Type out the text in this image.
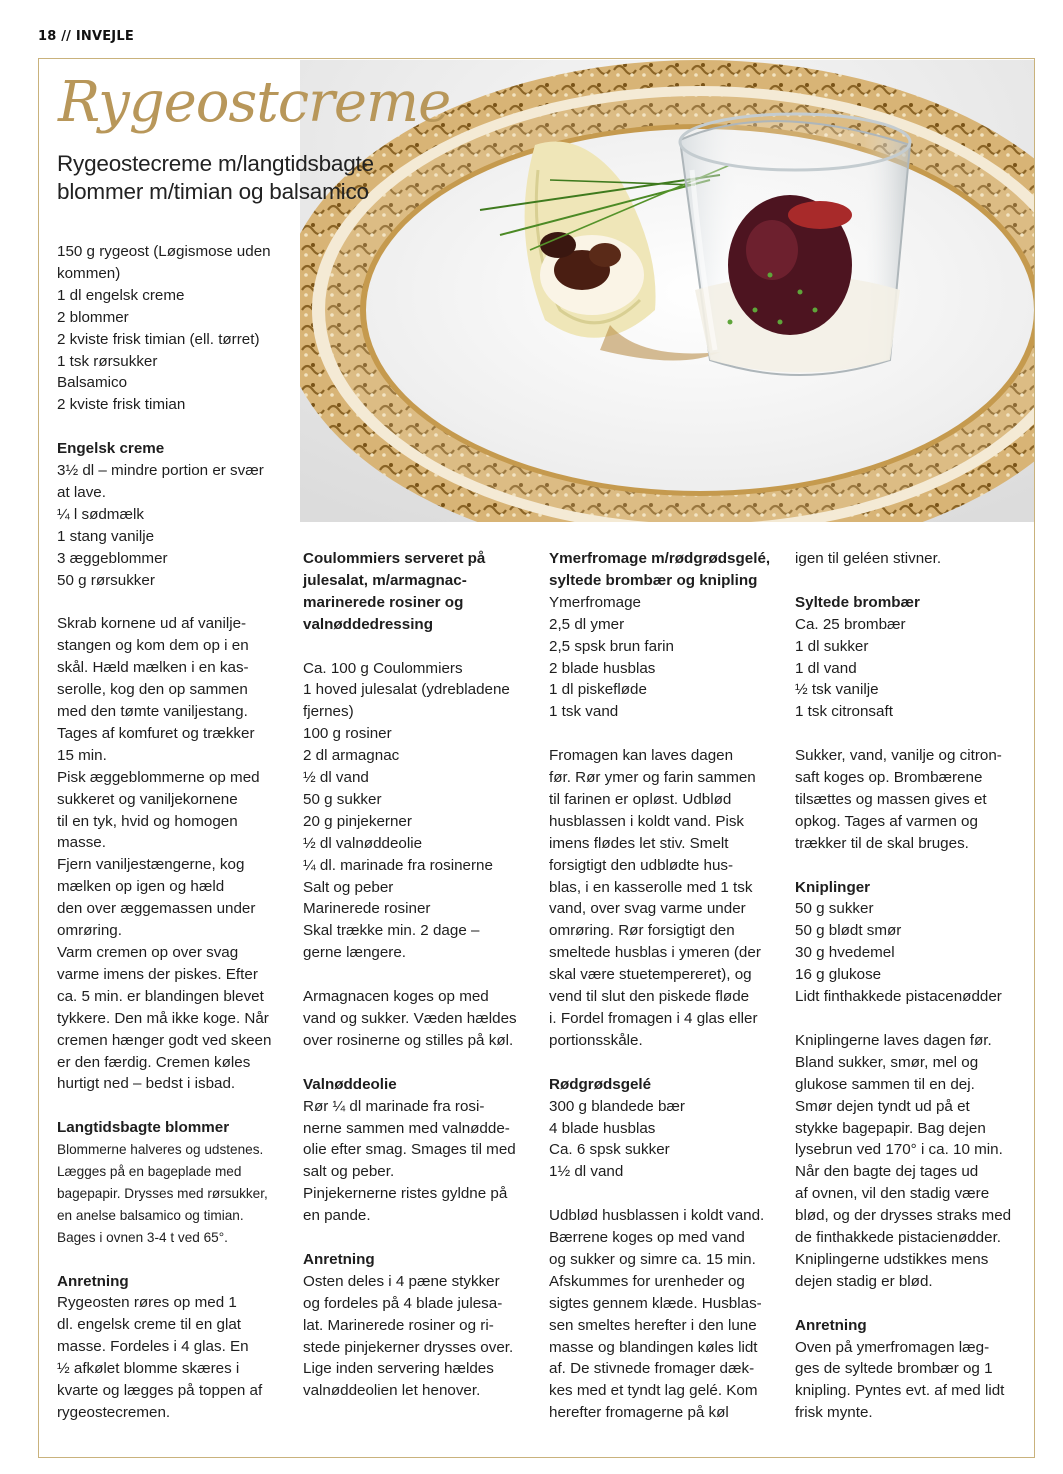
18 // INVEJLE
Rygeostcreme

Rygeostecreme m/langtidsbagte

blommer m/timian og balsamico

150 g rygeost (Løgismose uden

kommen)

1 dl engelsk creme

2 blommer

2 kviste frisk timian (ell. tørret)

1 tsk rørsukker

Balsamico

2 kviste frisk timian

Engelsk creme

3½ dl – mindre portion er svær

at lave.

¼ l sødmælk

1 stang vanilje

3 æggeblommer

50 g rørsukker

Skrab kornene ud af vanilje-

stangen og kom dem op i en

skål. Hæld mælken i en kas-

serolle, kog den op sammen

med den tømte vaniljestang.

Tages af komfuret og trækker

15 min.

Pisk æggeblommerne op med

sukkeret og vaniljekornene

til en tyk, hvid og homogen

masse.

Fjern vaniljestængerne, kog

mælken op igen og hæld

den over æggemassen under

omrøring.

Varm cremen op over svag

varme imens der piskes. Efter

ca. 5 min. er blandingen blevet

tykkere. Den må ikke koge. Når

cremen hænger godt ved skeen

er den færdig. Cremen køles

hurtigt ned – bedst i isbad.

Langtidsbagte blommer

Blommerne halveres og udstenes.

Lægges på en bageplade med

bagepapir. Drysses med rørsukker,

en anelse balsamico og timian.

Bages i ovnen 3-4 t ved 65°.

Anretning

Rygeosten røres op med 1

dl. engelsk creme til en glat

masse. Fordeles i 4 glas. En

½ afkølet blomme skæres i

kvarte og lægges på toppen af

rygeostecremen.

Coulommiers serveret på

julesalat, m/armagnac-

marinerede rosiner og

valnøddedressing

Ca. 100 g Coulommiers

1 hoved julesalat (ydrebladene

fjernes)

100 g rosiner

2 dl armagnac

½ dl vand

50 g sukker

20 g pinjekerner

½ dl valnøddeolie

¼ dl. marinade fra rosinerne

Salt og peber

Marinerede rosiner

Skal trække min. 2 dage –

gerne længere.

Armagnacen koges op med

vand og sukker. Væden hældes

over rosinerne og stilles på køl.

Valnøddeolie

Rør ¼ dl marinade fra rosi-

nerne sammen med valnødde-

olie efter smag. Smages til med

salt og peber.

Pinjekernerne ristes gyldne på

en pande.

Anretning

Osten deles i 4 pæne stykker

og fordeles på 4 blade julesa-

lat. Marinerede rosiner og ri-

stede pinjekerner drysses over.

Lige inden servering hældes

valnøddeolien let henover.

Ymerfromage m/rødgrødsgelé,

syltede brombær og knipling

Ymerfromage

2,5 dl ymer

2,5 spsk brun farin

2 blade husblas

1 dl piskefløde

1 tsk vand

Fromagen kan laves dagen

før. Rør ymer og farin sammen

til farinen er opløst. Udblød

husblassen i koldt vand. Pisk

imens flødes let stiv. Smelt

forsigtigt den udblødte hus-

blas, i en kasserolle med 1 tsk

vand, over svag varme under

omrøring. Rør forsigtigt den

smeltede husblas i ymeren (der

skal være stuetempereret), og

vend til slut den piskede fløde

i. Fordel fromagen i 4 glas eller

portionsskåle.

Rødgrødsgelé

300 g blandede bær

4 blade husblas

Ca. 6 spsk sukker

1½ dl vand

Udblød husblassen i koldt vand.

Bærrene koges op med vand

og sukker og simre ca. 15 min.

Afskummes for urenheder og

sigtes gennem klæde. Husblas-

sen smeltes herefter i den lune

masse og blandingen køles lidt

af. De stivnede fromager dæk-

kes med et tyndt lag gelé. Kom

herefter fromagerne på køl

igen til geléen stivner.

Syltede brombær

Ca. 25 brombær

1 dl sukker

1 dl vand

½ tsk vanilje

1 tsk citronsaft

Sukker, vand, vanilje og citron-

saft koges op. Brombærene

tilsættes og massen gives et

opkog. Tages af varmen og

trækker til de skal bruges.

Kniplinger

50 g sukker

50 g blødt smør

30 g hvedemel

16 g glukose

Lidt finthakkede pistacenødder

Kniplingerne laves dagen før.

Bland sukker, smør, mel og

glukose sammen til en dej.

Smør dejen tyndt ud på et

stykke bagepapir. Bag dejen

lysebrun ved 170° i ca. 10 min.

Når den bagte dej tages ud

af ovnen, vil den stadig være

blød, og der drysses straks med

de finthakkede pistacienødder.

Kniplingerne udstikkes mens

dejen stadig er blød.

Anretning

Oven på ymerfromagen læg-

ges de syltede brombær og 1

knipling. Pyntes evt. af med lidt

frisk mynte.
